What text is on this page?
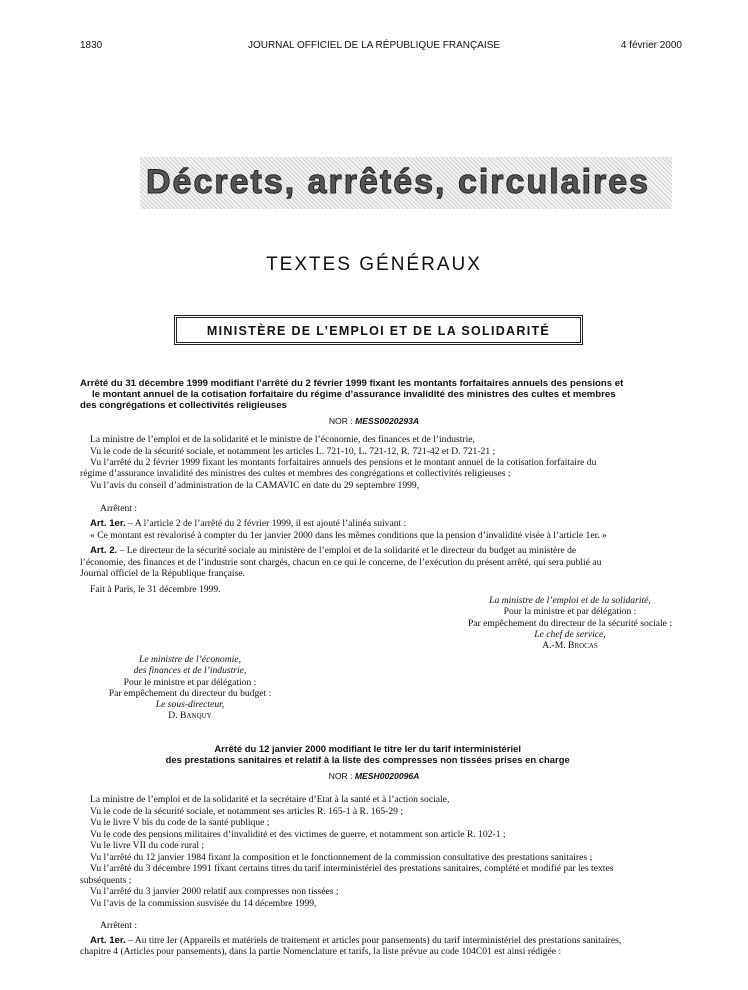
1830	JOURNAL OFFICIEL DE LA RÉPUBLIQUE FRANÇAISE	4 février 2000
Décrets, arrêtés, circulaires
TEXTES GÉNÉRAUX
MINISTÈRE DE L’EMPLOI ET DE LA SOLIDARITÉ
Arrêté du 31 décembre 1999 modifiant l’arrêté du 2 février 1999 fixant les montants forfaitaires annuels des pensions et
le montant annuel de la cotisation forfaitaire du régime d’assurance invalidité des ministres des cultes et membres
des congrégations et collectivités religieuses
NOR : MESS0020293A
La ministre de l’emploi et de la solidarité et le ministre de l’économie, des finances et de l’industrie,
Vu le code de la sécurité sociale, et notamment les articles L. 721-10, L. 721-12, R. 721-42 et D. 721-21 ;
Vu l’arrêté du 2 février 1999 fixant les montants forfaitaires annuels des pensions et le montant annuel de la cotisation forfaitaire du
régime d’assurance invalidité des ministres des cultes et membres des congrégations et collectivités religieuses ;
Vu l’avis du conseil d’administration de la CAMAVIC en date du 29 septembre 1999,
Arrêtent :
Art. 1er. – A l’article 2 de l’arrêté du 2 février 1999, il est ajouté l’alinéa suivant :
« Ce montant est revalorisé à compter du 1er janvier 2000 dans les mêmes conditions que la pension d’invalidité visée à l’article 1er. »
Art. 2. – Le directeur de la sécurité sociale au ministère de l’emploi et de la solidarité et le directeur du budget au ministère de
l’économie, des finances et de l’industrie sont chargés, chacun en ce qui le concerne, de l’exécution du présent arrêté, qui sera publié au
Journal officiel de la République française.
Fait à Paris, le 31 décembre 1999.
La ministre de l’emploi et de la solidarité,
Pour la ministre et par délégation :
Par empêchement du directeur de la sécurité sociale :
Le chef de service,
A.-M. Brocas
Le ministre de l’économie,
des finances et de l’industrie,
Pour le ministre et par délégation :
Par empêchement du directeur du budget :
Le sous-directeur,
D. Banquy
Arrêté du 12 janvier 2000 modifiant le titre Ier du tarif interministériel
des prestations sanitaires et relatif à la liste des compresses non tissées prises en charge
NOR : MESH0020096A
La ministre de l’emploi et de la solidarité et la secrétaire d’Etat à la santé et à l’action sociale,
Vu le code de la sécurité sociale, et notamment ses articles R. 165-1 à R. 165-29 ;
Vu le livre V bis du code de la santé publique ;
Vu le code des pensions militaires d’invalidité et des victimes de guerre, et notamment son article R. 102-1 ;
Vu le livre VII du code rural ;
Vu l’arrêté du 12 janvier 1984 fixant la composition et le fonctionnement de la commission consultative des prestations sanitaires ;
Vu l’arrêté du 3 décembre 1991 fixant certains titres du tarif interministériel des prestations sanitaires, complété et modifié par les textes
subséquents ;
Vu l’arrêté du 3 janvier 2000 relatif aux compresses non tissées ;
Vu l’avis de la commission susvisée du 14 décembre 1999,
Arrêtent :
Art. 1er. – Au titre Ier (Appareils et matériels de traitement et articles pour pansements) du tarif interministériel des prestations sanitaires,
chapitre 4 (Articles pour pansements), dans la partie Nomenclature et tarifs, la liste prévue au code 104C01 est ainsi rédigée :
